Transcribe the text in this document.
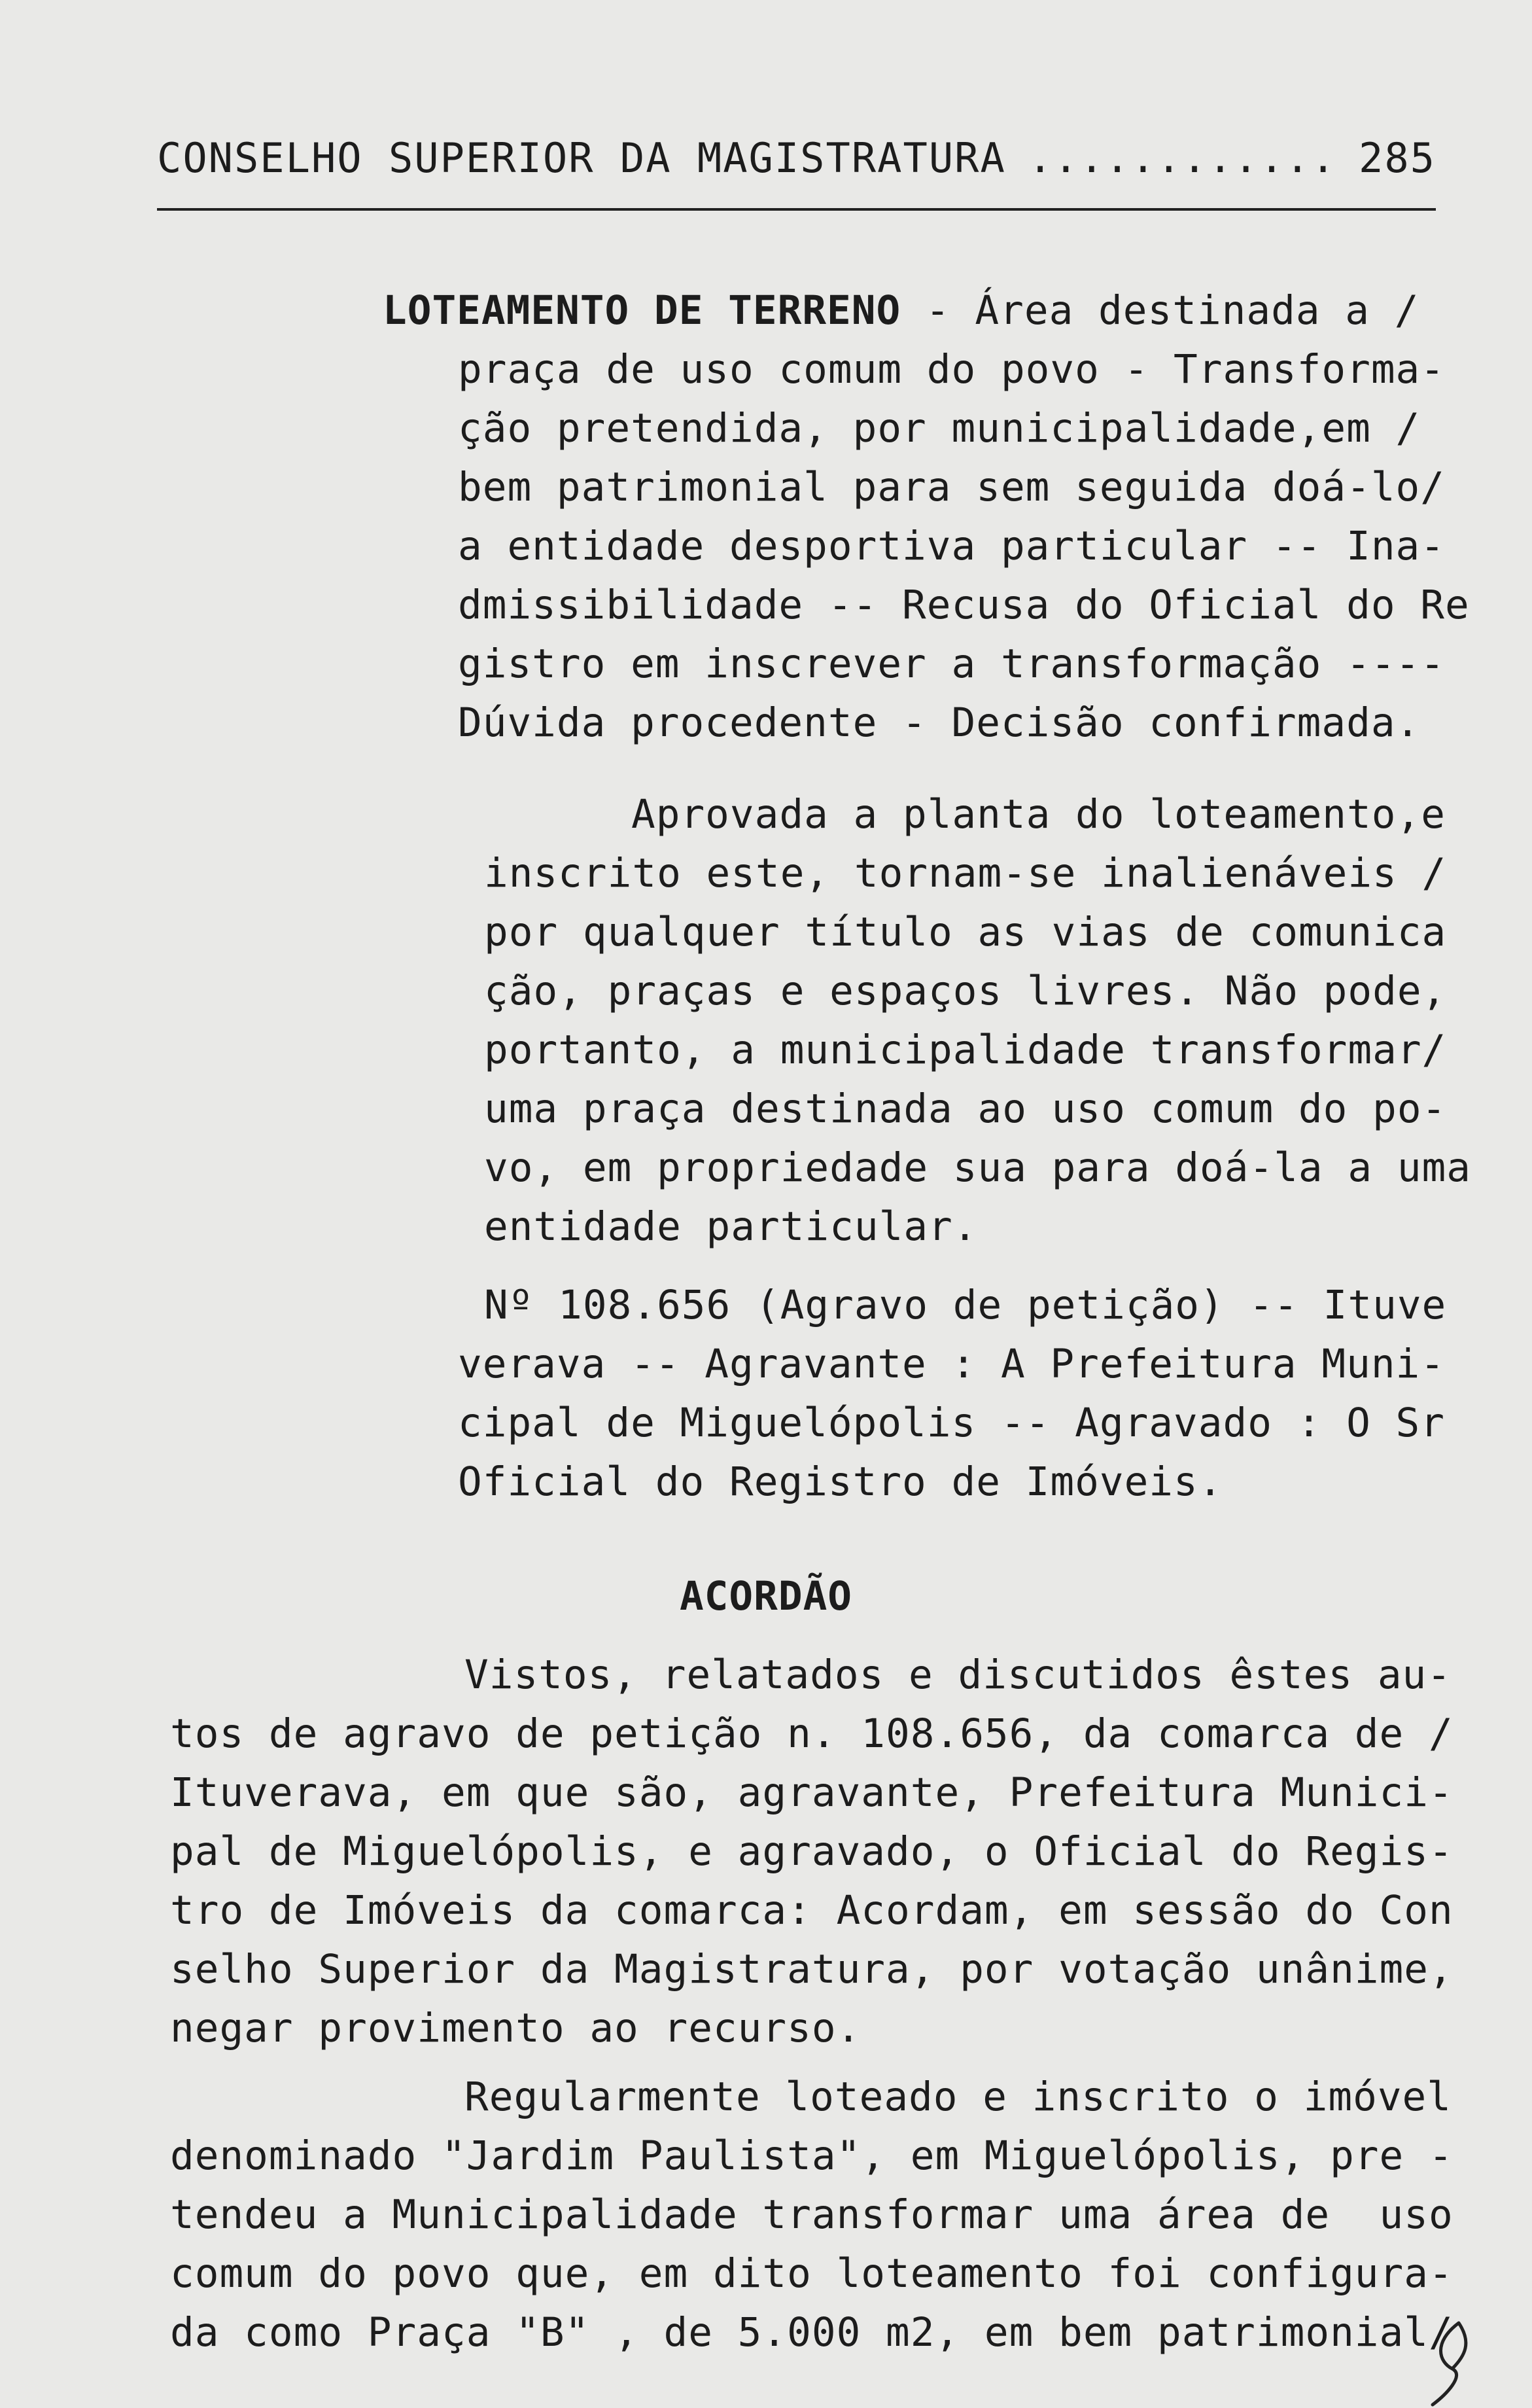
CONSELHO SUPERIOR DA MAGISTRATURA ............ 285
LOTEAMENTO DE TERRENO - Área destinada a /
praça de uso comum do povo - Transforma-
ção pretendida, por municipalidade,em /
bem patrimonial para sem seguida doá-lo/
a entidade desportiva particular -- Ina-
dmissibilidade -- Recusa do Oficial do Re
gistro em inscrever a transformação ----
Dúvida procedente - Decisão confirmada.
Aprovada a planta do loteamento,e
inscrito este, tornam-se inalienáveis /
por qualquer título as vias de comunica
ção, praças e espaços livres. Não pode,
portanto, a municipalidade transformar/
uma praça destinada ao uso comum do po-
vo, em propriedade sua para doá-la a uma
entidade particular.
Nº 108.656 (Agravo de petição) -- Ituve
verava -- Agravante : A Prefeitura Muni-
cipal de Miguelópolis -- Agravado : O Sr
Oficial do Registro de Imóveis.
ACORDÃO
Vistos, relatados e discutidos êstes au-
tos de agravo de petição n. 108.656, da comarca de /
Ituverava, em que são, agravante, Prefeitura Munici-
pal de Miguelópolis, e agravado, o Oficial do Regis-
tro de Imóveis da comarca: Acordam, em sessão do Con
selho Superior da Magistratura, por votação unânime,
negar provimento ao recurso.
Regularmente loteado e inscrito o imóvel
denominado "Jardim Paulista", em Miguelópolis, pre -
tendeu a Municipalidade transformar uma área de  uso
comum do povo que, em dito loteamento foi configura-
da como Praça "B" , de 5.000 m2, em bem patrimonial/
